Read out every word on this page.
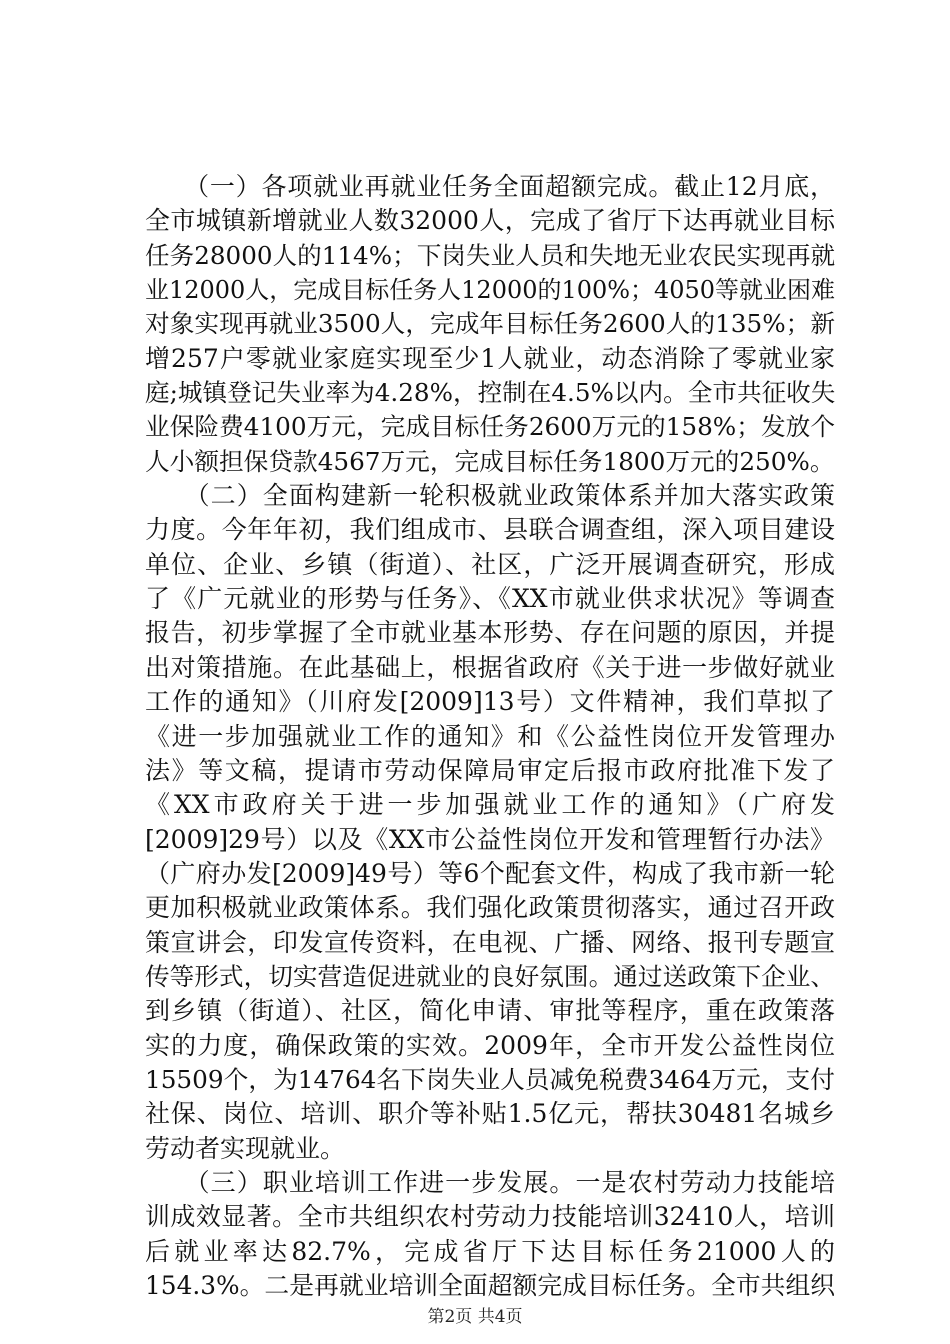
　　（一）各项就业再就业任务全面超额完成。截止12月底，
全市城镇新增就业人数32000人，完成了省厅下达再就业目标
任务28000人的114%；下岗失业人员和失地无业农民实现再就
业12000人，完成目标任务人12000的100%；4050等就业困难
对象实现再就业3500人，完成年目标任务2600人的135%；新
增257户零就业家庭实现至少1人就业，动态消除了零就业家
庭;城镇登记失业率为4.28%，控制在4.5%以内。全市共征收失
业保险费4100万元，完成目标任务2600万元的158%；发放个
人小额担保贷款4567万元，完成目标任务1800万元的250%。
　　（二）全面构建新一轮积极就业政策体系并加大落实政策
力度。今年年初，我们组成市、县联合调查组，深入项目建设
单位、企业、乡镇（街道）、社区，广泛开展调查研究，形成
了《广元就业的形势与任务》、《XX市就业供求状况》等调查
报告，初步掌握了全市就业基本形势、存在问题的原因，并提
出对策措施。在此基础上，根据省政府《关于进一步做好就业
工作的通知》（川府发[2009]13号）文件精神，我们草拟了
《进一步加强就业工作的通知》和《公益性岗位开发管理办
法》等文稿，提请市劳动保障局审定后报市政府批准下发了
《XX市政府关于进一步加强就业工作的通知》（广府发
[2009]29号）以及《XX市公益性岗位开发和管理暂行办法》
（广府办发[2009]49号）等6个配套文件，构成了我市新一轮
更加积极就业政策体系。我们强化政策贯彻落实，通过召开政
策宣讲会，印发宣传资料，在电视、广播、网络、报刊专题宣
传等形式，切实营造促进就业的良好氛围。通过送政策下企业、
到乡镇（街道）、社区，简化申请、审批等程序，重在政策落
实的力度，确保政策的实效。2009年，全市开发公益性岗位
15509个，为14764名下岗失业人员减免税费3464万元，支付
社保、岗位、培训、职介等补贴1.5亿元，帮扶30481名城乡
劳动者实现就业。
　　（三）职业培训工作进一步发展。一是农村劳动力技能培
训成效显著。全市共组织农村劳动力技能培训32410人，培训
后就业率达82.7%，完成省厅下达目标任务21000人的
154.3%。二是再就业培训全面超额完成目标任务。全市共组织
第2页 共4页
